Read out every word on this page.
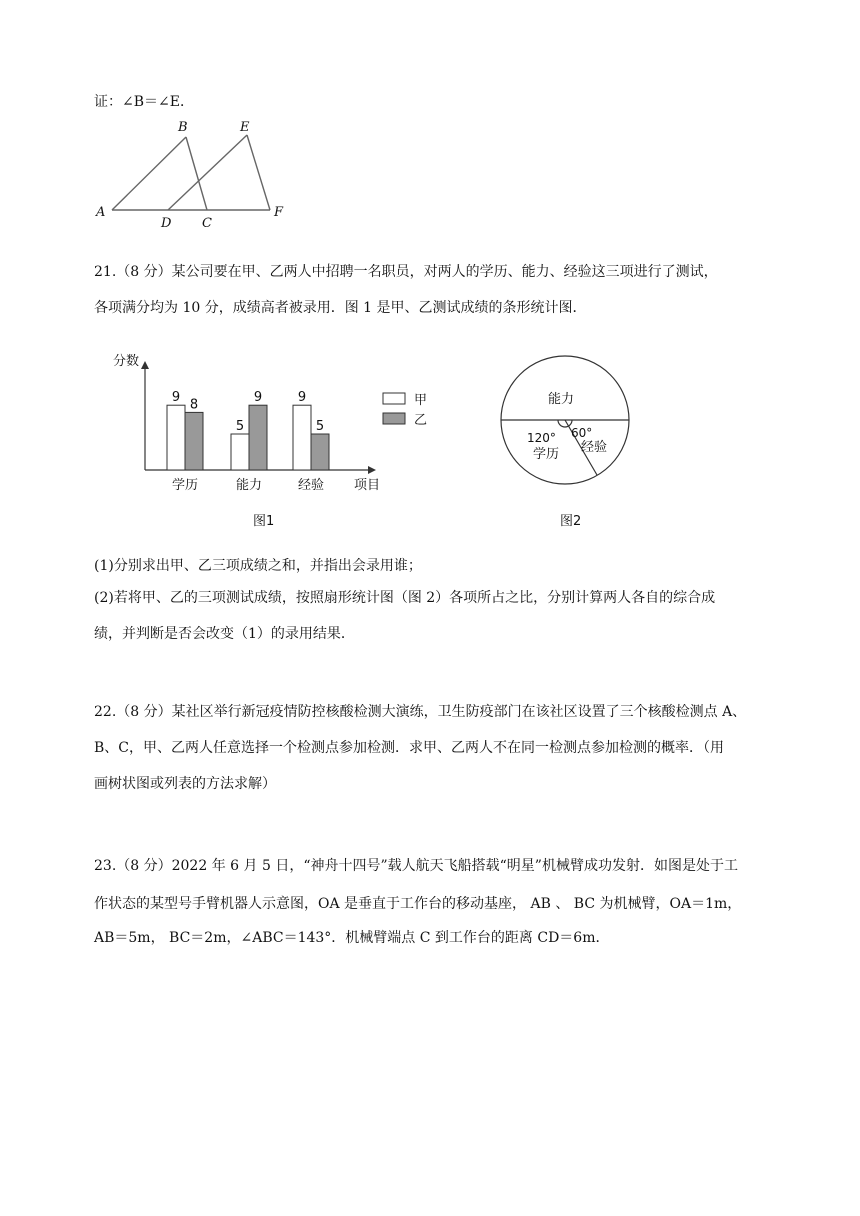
证：∠B＝∠E．
A
B
C
D
E
F
21.（8 分）某公司要在甲、乙两人中招聘一名职员，对两人的学历、能力、经验这三项进行了测试，
各项满分均为 10 分，成绩高者被录用．图 1 是甲、乙测试成绩的条形统计图．
分数
项目
9 8
学历
5
9
能力
9
5
经验
甲
乙
图1
能力
120°
学历
60°
经验
图2
(1)分别求出甲、乙三项成绩之和，并指出会录用谁；
(2)若将甲、乙的三项测试成绩，按照扇形统计图（图 2）各项所占之比，分别计算两人各自的综合成
绩，并判断是否会改变（1）的录用结果．
22.（8 分）某社区举行新冠疫情防控核酸检测大演练，卫生防疫部门在该社区设置了三个核酸检测点 A、
B、C，甲、乙两人任意选择一个检测点参加检测．求甲、乙两人不在同一检测点参加检测的概率．（用
画树状图或列表的方法求解）
23.（8 分）2022 年 6 月 5 日，“神舟十四号”载人航天飞船搭载“明星”机械臂成功发射．如图是处于工
作状态的某型号手臂机器人示意图，OA 是垂直于工作台的移动基座， AB 、 BC 为机械臂，OA＝1m，
AB＝5m， BC＝2m，∠ABC＝143°．机械臂端点 C 到工作台的距离 CD＝6m．
